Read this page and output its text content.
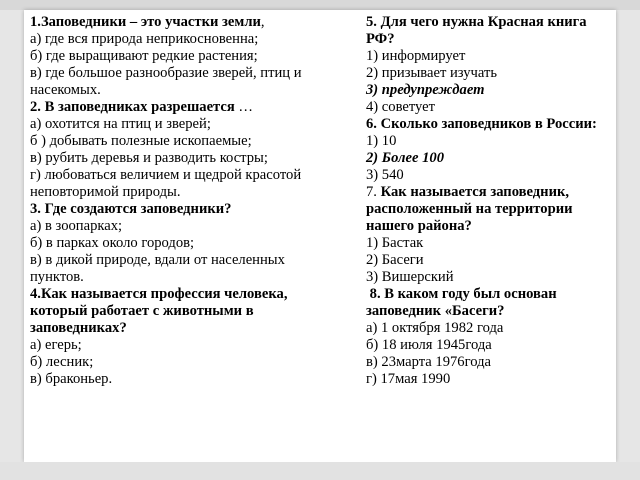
1.Заповедники – это участки земли,
а) где вся природа неприкосновенна;
б) где выращивают редкие растения;
в) где большое разнообразие зверей, птиц и
насекомых.
2. В заповедниках разрешается …
а) охотится на птиц и зверей;
б ) добывать полезные ископаемые;
в) рубить деревья и разводить костры;
г) любоваться величием и щедрой красотой
неповторимой природы.
3. Где создаются заповедники?
а) в зоопарках;
б) в парках около городов;
в) в дикой природе, вдали от населенных
пунктов.
4.Как называется профессия человека,
который работает с животными в
заповедниках?
а) егерь;
б) лесник;
в) браконьер.
5. Для чего нужна Красная книга
РФ?
1) информирует
2) призывает изучать
3) предупреждает
4) советует
6. Сколько заповедников в России:
1) 10
2) Более 100
3) 540
7. Как называется заповедник,
расположенный на территории
нашего района?
1) Бастак
2) Басеги
3) Вишерский
8. В каком году был основан
заповедник «Басеги?
а) 1 октября 1982 года
б) 18 июля 1945года
в) 23марта 1976года
г) 17мая 1990
